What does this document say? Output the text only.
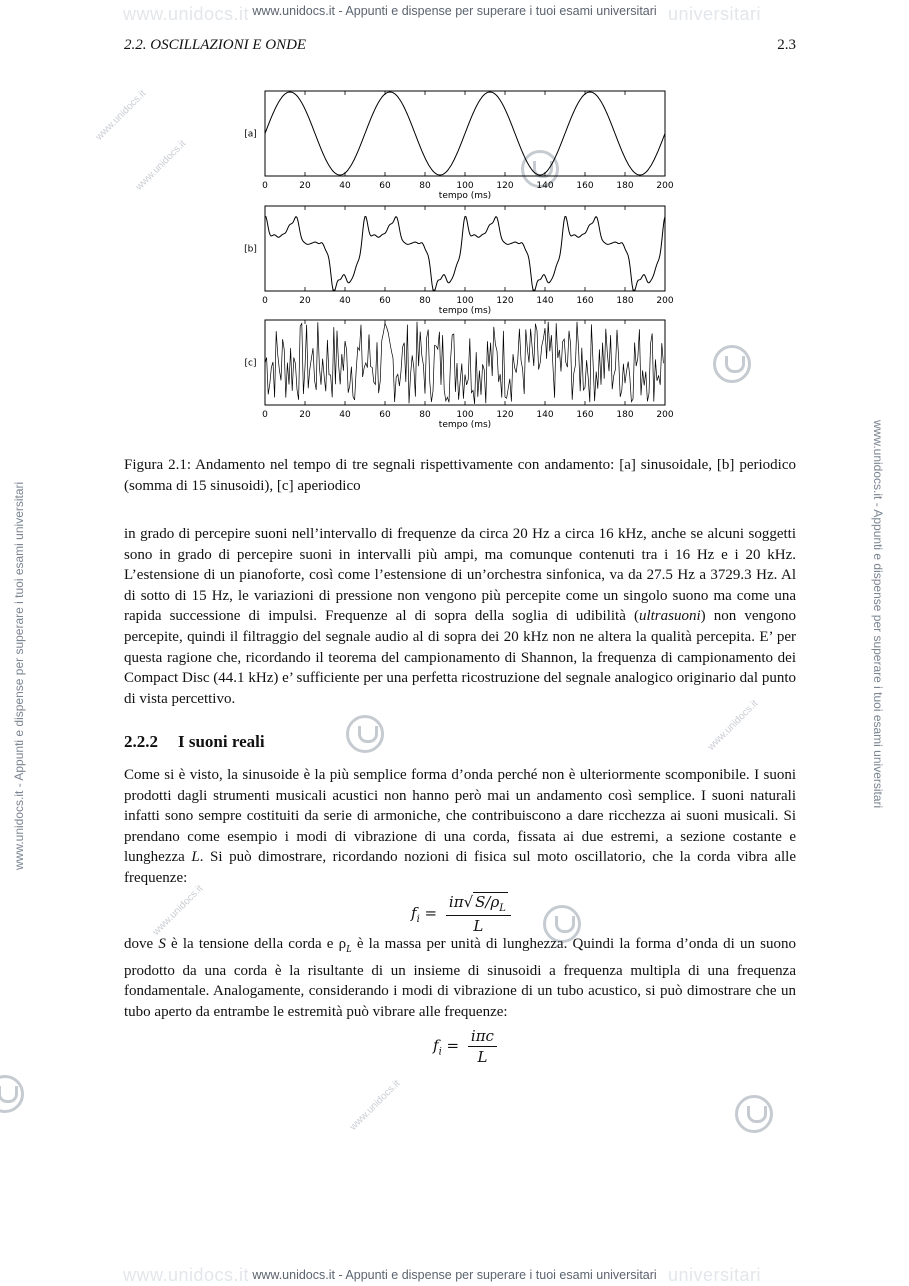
www.unidocs.it	universitari
www.unidocs.it - Appunti e dispense per superare i tuoi esami universitari
www.unidocs.it	universitari
www.unidocs.it - Appunti e dispense per superare i tuoi esami universitari
www.unidocs.it - Appunti e dispense per superare i tuoi esami universitari	www.unidocs.it - Appunti e dispense per superare i tuoi esami universitari
www.unidocs.it
www.unidocs.it
www.unidocs.it
www.unidocs.it
www.unidocs.it
2.2. OSCILLAZIONI E ONDE	2.3
0	20	40	60	80	100	120	140	160	180	200
[a]
tempo (ms)
0	20	40	60	80	100	120	140	160	180	200
[b]
tempo (ms)
0	20	40	60	80	100	120	140	160	180	200
[c]
tempo (ms)
Figura 2.1: Andamento nel tempo di tre segnali rispettivamente con andamento: [a] sinusoidale, [b] periodico (somma di 15 sinusoidi), [c] aperiodico

in grado di percepire suoni nell’intervallo di frequenze da circa 20 Hz a circa 16 kHz, anche se alcuni soggetti sono in grado di percepire suoni in intervalli più ampi, ma comunque contenuti tra i 16 Hz e i 20 kHz. L’estensione di un pianoforte, così come l’estensione di un’orchestra sinfonica, va da 27.5 Hz a 3729.3 Hz. Al di sotto di 15 Hz, le variazioni di pressione non vengono più percepite come un singolo suono ma come una rapida successione di impulsi. Frequenze al di sopra della soglia di udibilità (ultrasuoni) non vengono percepite, quindi il filtraggio del segnale audio al di sopra dei 20 kHz non ne altera la qualità percepita. E’ per questa ragione che, ricordando il teorema del campionamento di Shannon, la frequenza di campionamento dei Compact Disc (44.1 kHz) e’ sufficiente per una perfetta ricostruzione del segnale analogico originario dal punto di vista percettivo.

2.2.2 I suoni reali

Come si è visto, la sinusoide è la più semplice forma d’onda perché non è ulteriormente scomponibile. I suoni prodotti dagli strumenti musicali acustici non hanno però mai un andamento così semplice. I suoni naturali infatti sono sempre costituiti da serie di armoniche, che contribuiscono a dare ricchezza ai suoni musicali. Si prendano come esempio i modi di vibrazione di una corda, fissata ai due estremi, a sezione costante e lunghezza L. Si può dimostrare, ricordando nozioni di fisica sul moto oscillatorio, che la corda vibra alle frequenze:

$f_i = \frac{i\pi√ S/\rho_L}{L}$

dove S è la tensione della corda e $\rho_L$ è la massa per unità di lunghezza. Quindi la forma d’onda di un suono prodotto da una corda è la risultante di un insieme di sinusoidi a frequenza multipla di una frequenza fondamentale. Analogamente, considerando i modi di vibrazione di un tubo acustico, si può dimostrare che un tubo aperto da entrambe le estremità può vibrare alle frequenze:

$f_i = \frac{\text{iπc}}{L}$
